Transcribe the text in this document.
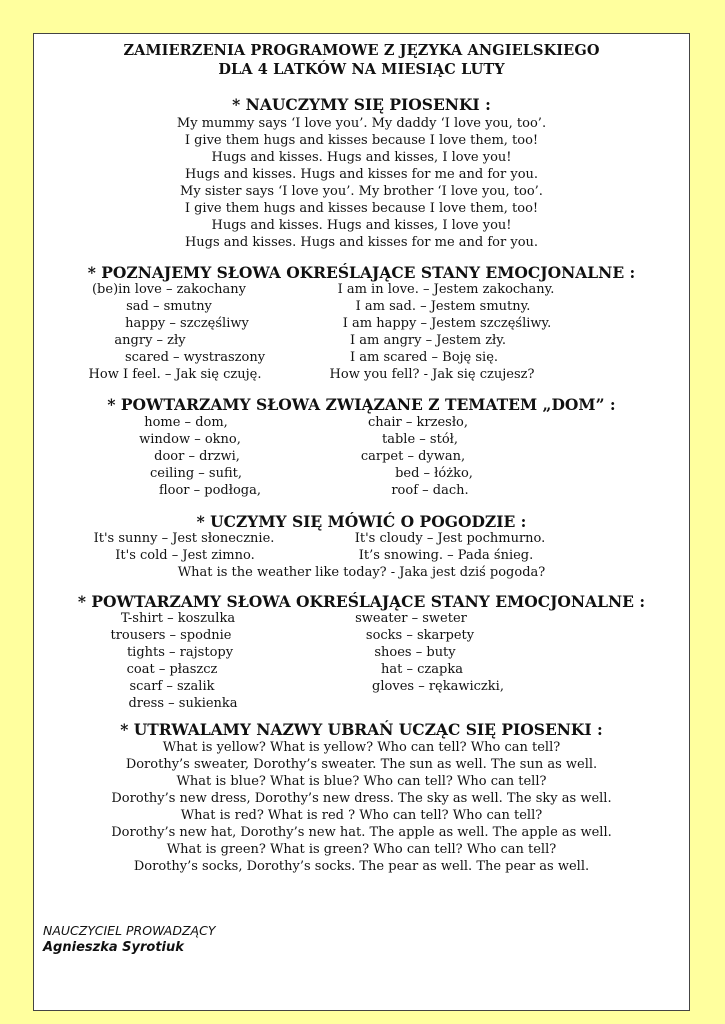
ZAMIERZENIA PROGRAMOWE Z JĘZYKA ANGIELSKIEGO
DLA 4 LATKÓW NA MIESIĄC LUTY
* NAUCZYMY SIĘ PIOSENKI :
My mummy says ‘I love you’. My daddy ‘I love you, too’.
I give them hugs and kisses because I love them, too!
Hugs and kisses. Hugs and kisses, I love you!
Hugs and kisses. Hugs and kisses for me and for you.
My sister says ‘I love you’. My brother ‘I love you, too’.
I give them hugs and kisses because I love them, too!
Hugs and kisses. Hugs and kisses, I love you!
Hugs and kisses. Hugs and kisses for me and for you.
* POZNAJEMY SŁOWA OKREŚLAJĄCE STANY EMOCJONALNE :
(be)in love – zakochany
sad – smutny
happy – szczęśliwy
angry – zły
scared – wystraszony
How I feel. – Jak się czuję.
I am in love. – Jestem zakochany.
I am sad. – Jestem smutny.
I am happy – Jestem szczęśliwy.
I am angry – Jestem zły.
I am scared – Boję się.
How you fell? - Jak się czujesz?
* POWTARZAMY SŁOWA ZWIĄZANE Z TEMATEM „DOM” :
home – dom,
window – okno,
door – drzwi,
ceiling – sufit,
floor – podłoga,
chair – krzesło,
table – stół,
carpet – dywan,
bed – łóżko,
roof – dach.
* UCZYMY SIĘ MÓWIĆ O POGODZIE :
It's sunny – Jest słonecznie.
It's cold – Jest zimno.
It's cloudy – Jest pochmurno.
It’s snowing. – Pada śnieg.
What is the weather like today? - Jaka jest dziś pogoda?
* POWTARZAMY SŁOWA OKREŚLAJĄCE STANY EMOCJONALNE :
T-shirt – koszulka
trousers – spodnie
tights – rajstopy
coat – płaszcz
scarf – szalik
dress – sukienka
sweater – sweter
socks – skarpety
shoes – buty
hat – czapka
gloves – rękawiczki,
* UTRWALAMY NAZWY UBRAŃ UCZĄC SIĘ PIOSENKI :
What is yellow? What is yellow? Who can tell? Who can tell?
Dorothy’s sweater, Dorothy’s sweater. The sun as well. The sun as well.
What is blue? What is blue? Who can tell? Who can tell?
Dorothy’s new dress, Dorothy’s new dress. The sky as well. The sky as well.
What is red? What is red ? Who can tell? Who can tell?
Dorothy’s new hat, Dorothy’s new hat. The apple as well. The apple as well.
What is green? What is green? Who can tell? Who can tell?
Dorothy’s socks, Dorothy’s socks. The pear as well. The pear as well.
NAUCZYCIEL PROWADZĄCY
Agnieszka Syrotiuk
